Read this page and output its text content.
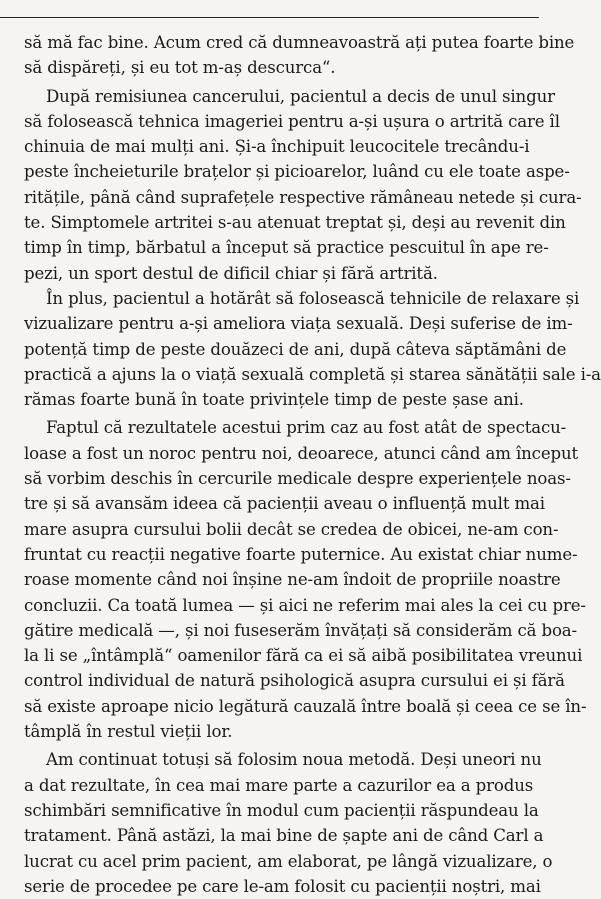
să mă fac bine. Acum cred că dumneavoastră ați putea foarte bine
să dispăreți, și eu tot m-aș descurca“.

După remisiunea cancerului, pacientul a decis de unul singur
să folosească tehnica imageriei pentru a-și ușura o artrită care îl
chinuia de mai mulți ani. Și-a închipuit leucocitele trecându-i
peste încheieturile brațelor și picioarelor, luând cu ele toate aspe-
ritățile, până când suprafețele respective rămâneau netede și cura-
te. Simptomele artritei s-au atenuat treptat și, deși au revenit din
timp în timp, bărbatul a început să practice pescuitul în ape re-
pezi, un sport destul de dificil chiar și fără artrită.

În plus, pacientul a hotărât să folosească tehnicile de relaxare și
vizualizare pentru a-și ameliora viața sexuală. Deși suferise de im-
potență timp de peste douăzeci de ani, după câteva săptămâni de
practică a ajuns la o viață sexuală completă și starea sănătății sale i-a
rămas foarte bună în toate privințele timp de peste șase ani.

Faptul că rezultatele acestui prim caz au fost atât de spectacu-
loase a fost un noroc pentru noi, deoarece, atunci când am început
să vorbim deschis în cercurile medicale despre experiențele noas-
tre și să avansăm ideea că pacienții aveau o influență mult mai
mare asupra cursului bolii decât se credea de obicei, ne-am con-
fruntat cu reacții negative foarte puternice. Au existat chiar nume-
roase momente când noi înșine ne-am îndoit de propriile noastre
concluzii. Ca toată lumea — și aici ne referim mai ales la cei cu pre-
gătire medicală —, și noi fuseserăm învățați să considerăm că boa-
la li se „întâmplă“ oamenilor fără ca ei să aibă posibilitatea vreunui
control individual de natură psihologică asupra cursului ei și fără
să existe aproape nicio legătură cauzală între boală și ceea ce se în-
tâmplă în restul vieții lor.

Am continuat totuși să folosim noua metodă. Deși uneori nu
a dat rezultate, în cea mai mare parte a cazurilor ea a produs
schimbări semnificative în modul cum pacienții răspundeau la
tratament. Până astăzi, la mai bine de șapte ani de când Carl a
lucrat cu acel prim pacient, am elaborat, pe lângă vizualizare, o
serie de procedee pe care le-am folosit cu pacienții noștri, mai
